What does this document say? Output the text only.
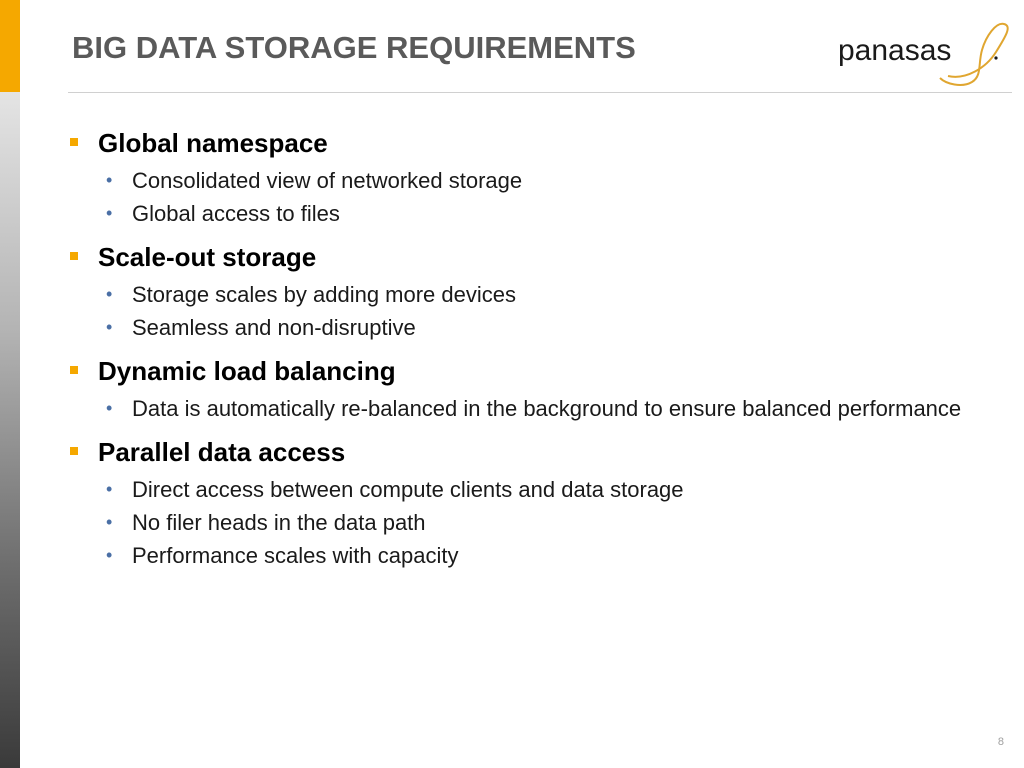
BIG DATA STORAGE REQUIREMENTS	panasas
Global namespace
• Consolidated view of networked storage
• Global access to files
Scale-out storage
• Storage scales by adding more devices
• Seamless and non-disruptive
Dynamic load balancing
• Data is automatically re-balanced in the background to ensure balanced performance
Parallel data access
• Direct access between compute clients and data storage
• No filer heads in the data path
• Performance scales with capacity
8
